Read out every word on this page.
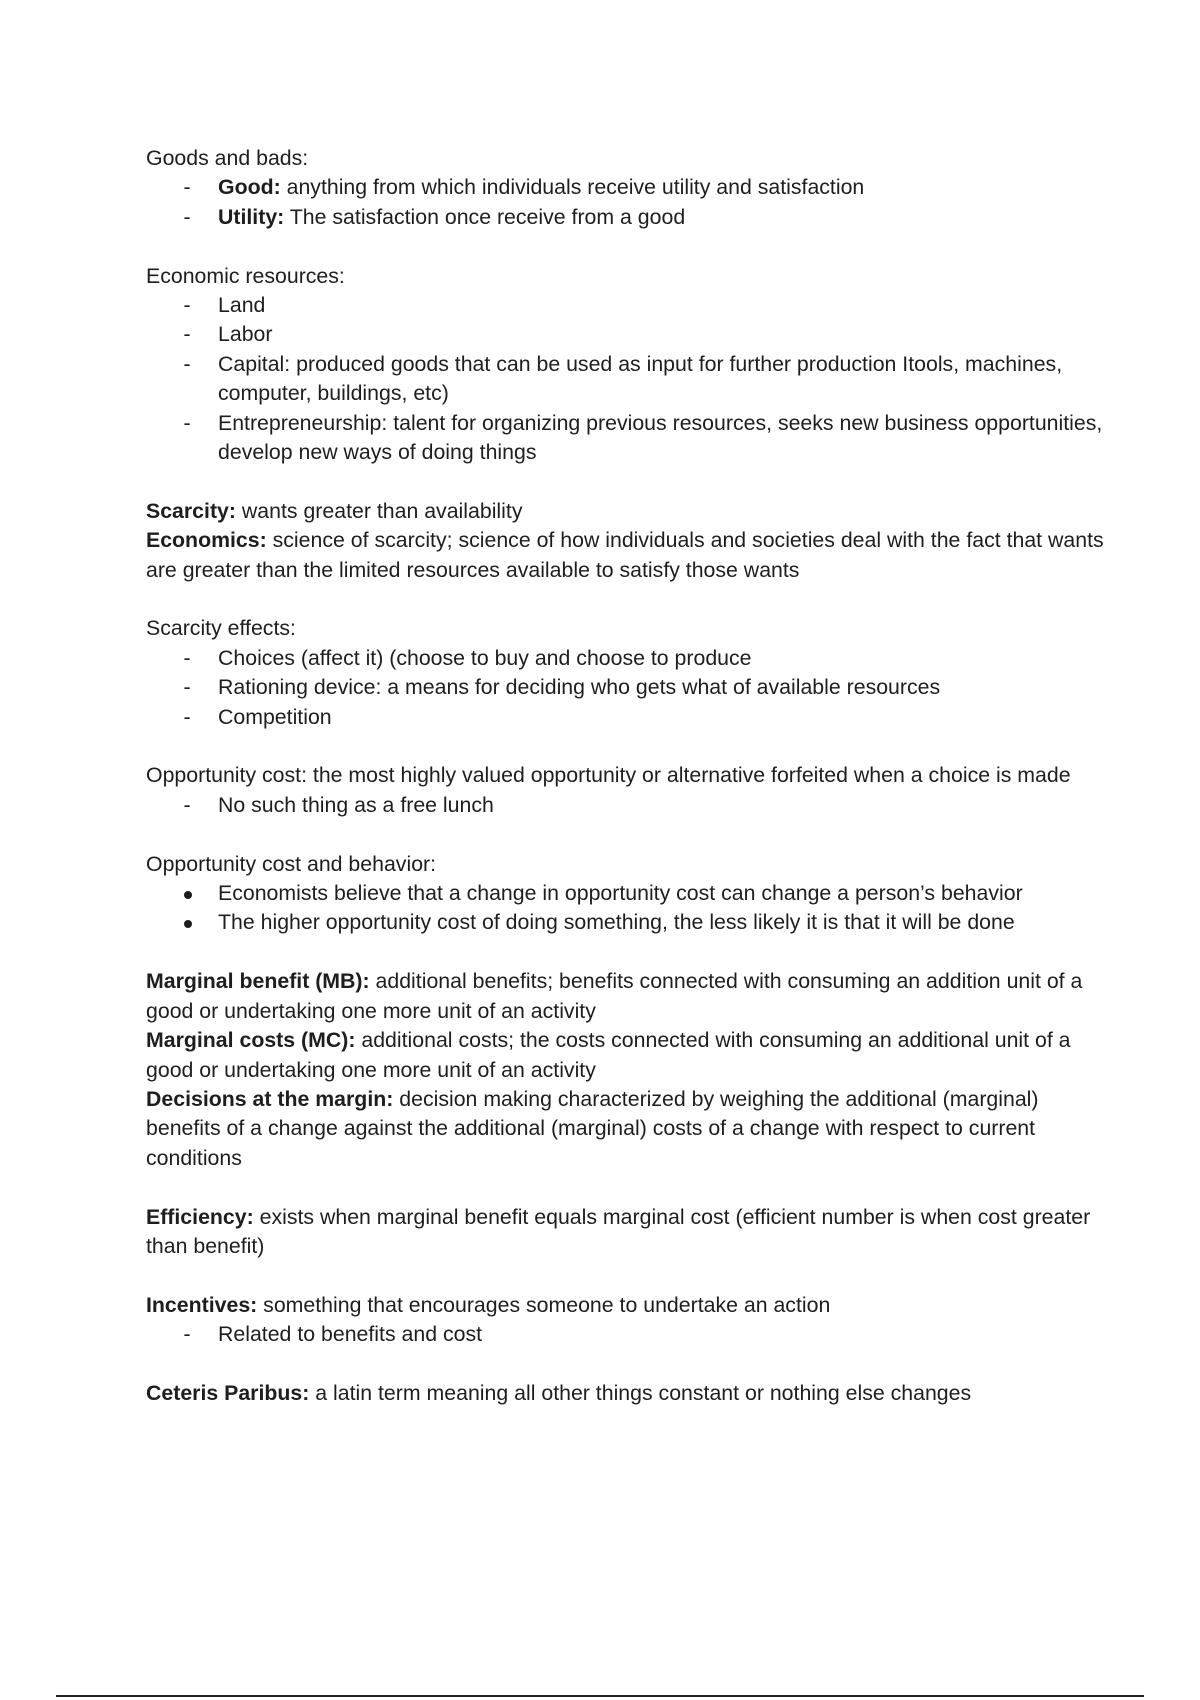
Goods and bads:

- Good: anything from which individuals receive utility and satisfaction
- Utility: The satisfaction once receive from a good

Economic resources:

- Land
- Labor
- Capital: produced goods that can be used as input for further production Itools, machines, computer, buildings, etc)
- Entrepreneurship: talent for organizing previous resources, seeks new business opportunities, develop new ways of doing things

Scarcity: wants greater than availability

Economics: science of scarcity; science of how individuals and societies deal with the fact that wants are greater than the limited resources available to satisfy those wants

Scarcity effects:

- Choices (affect it) (choose to buy and choose to produce
- Rationing device: a means for deciding who gets what of available resources
- Competition

Opportunity cost: the most highly valued opportunity or alternative forfeited when a choice is made

- No such thing as a free lunch

Opportunity cost and behavior:

Economists believe that a change in opportunity cost can change a person’s behavior
The higher opportunity cost of doing something, the less likely it is that it will be done

Marginal benefit (MB): additional benefits; benefits connected with consuming an addition unit of a good or undertaking one more unit of an activity

Marginal costs (MC): additional costs; the costs connected with consuming an additional unit of a good or undertaking one more unit of an activity

Decisions at the margin: decision making characterized by weighing the additional (marginal) benefits of a change against the additional (marginal) costs of a change with respect to current conditions

Efficiency: exists when marginal benefit equals marginal cost (efficient number is when cost greater than benefit)

Incentives: something that encourages someone to undertake an action

- Related to benefits and cost

Ceteris Paribus: a latin term meaning all other things constant or nothing else changes
